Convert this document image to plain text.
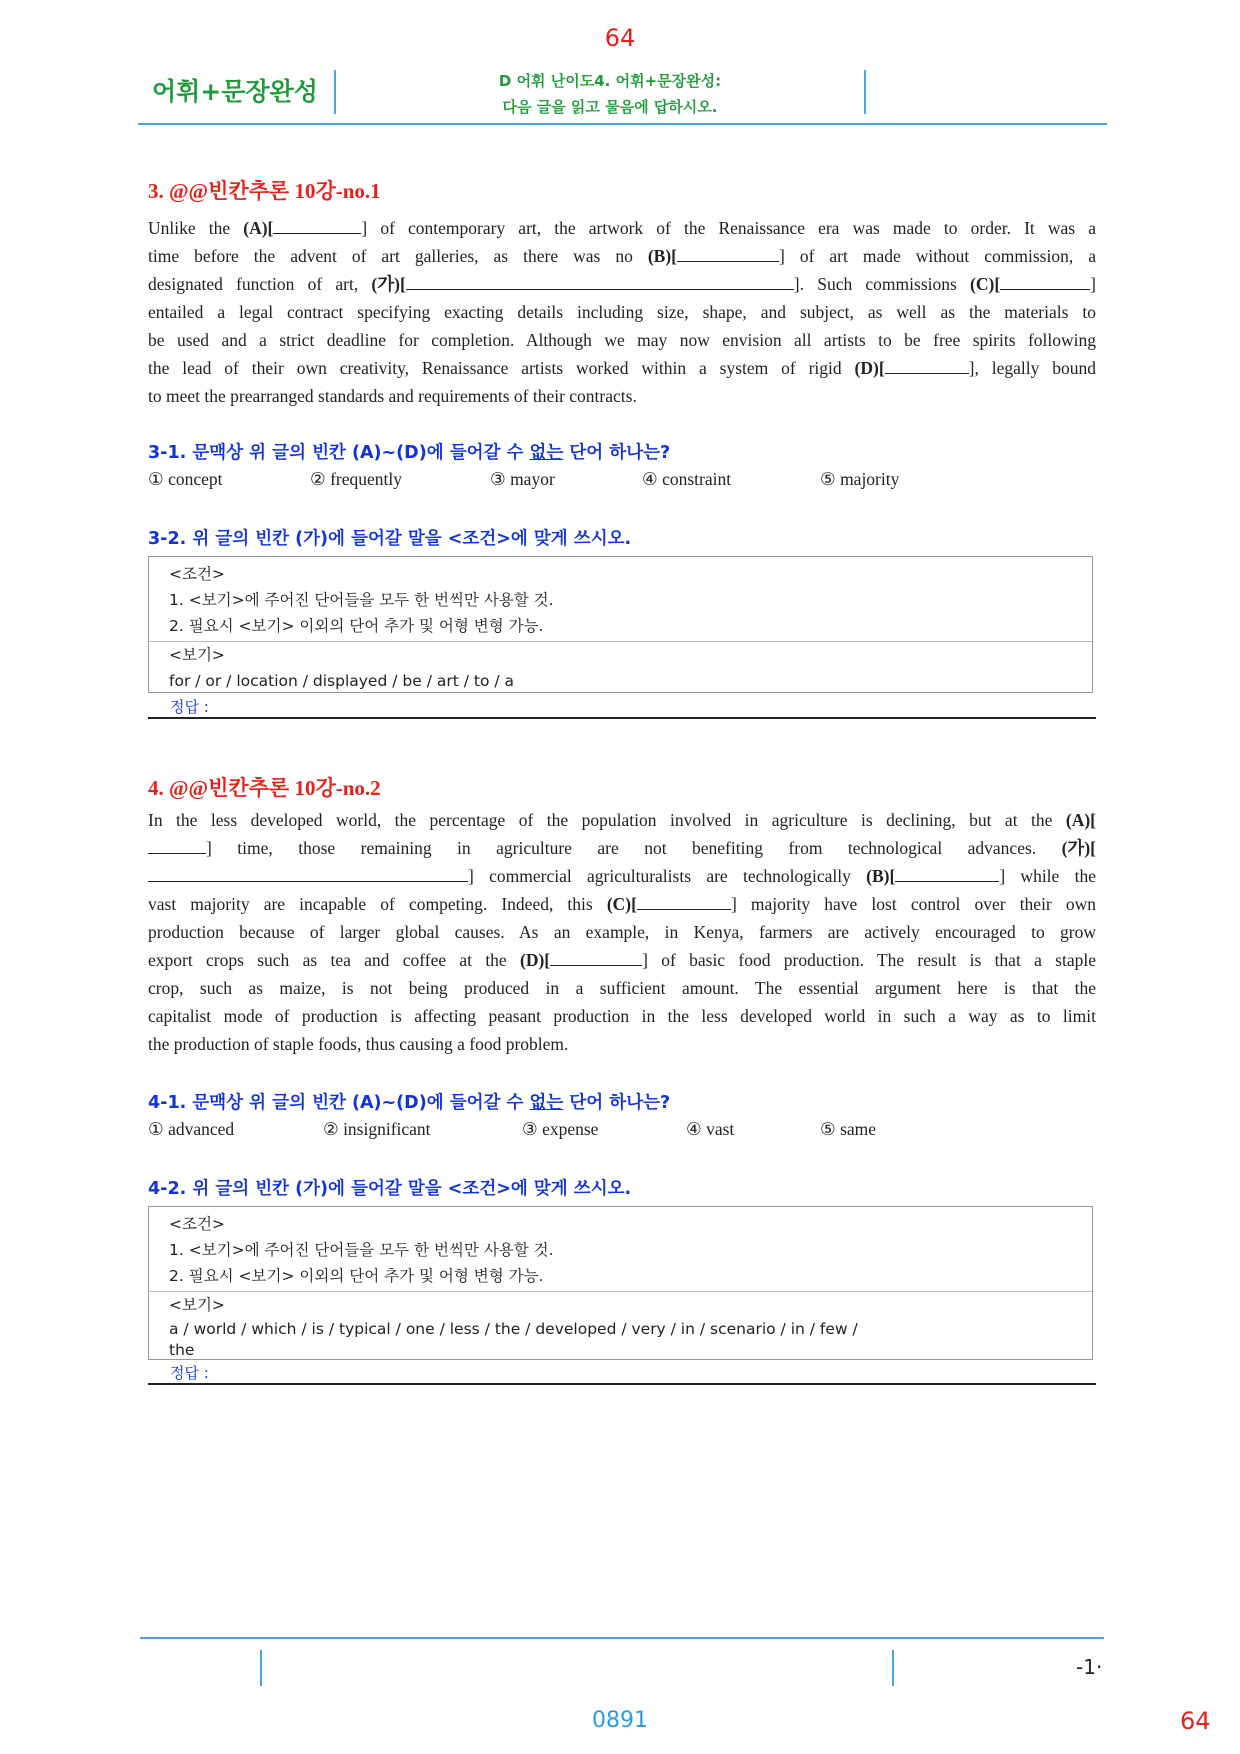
64
어휘+문장완성	D 어휘 난이도4. 어휘+문장완성:
다음 글을 읽고 물음에 답하시오.
3. @@빈칸추론 10강-no.1
Unlike the (A)[	] of contemporary art, the artwork of the Renaissance era was made to order. It was a
time before the advent of art galleries, as there was no (B)[	] of art made without commission, a
designated function of art, (가)[	]. Such commissions (C)[	]
entailed a legal contract specifying exacting details including size, shape, and subject, as well as the materials to
be used and a strict deadline for completion. Although we may now envision all artists to be free spirits following
the lead of their own creativity, Renaissance artists worked within a system of rigid (D)[	], legally bound
to meet the prearranged standards and requirements of their contracts.
3-1. 문맥상 위 글의 빈칸 (A)~(D)에 들어갈 수 없는 단어 하나는?
① concept	② frequently	③ mayor	④ constraint	⑤ majority
3-2. 위 글의 빈칸 (가)에 들어갈 말을 <조건>에 맞게 쓰시오.
<조건>
1. <보기>에 주어진 단어들을 모두 한 번씩만 사용할 것.
2. 필요시 <보기> 이외의 단어 추가 및 어형 변형 가능.
<보기>
for / or / location / displayed / be / art / to / a
정답 :
4. @@빈칸추론 10강-no.2
In the less developed world, the percentage of the population involved in agriculture is declining, but at the (A)[
] time, those remaining in agriculture are not benefiting from technological advances. (가)[
] commercial agriculturalists are technologically (B)[	] while the
vast majority are incapable of competing. Indeed, this (C)[	] majority have lost control over their own
production because of larger global causes. As an example, in Kenya, farmers are actively encouraged to grow
export crops such as tea and coffee at the (D)[	] of basic food production. The result is that a staple
crop, such as maize, is not being produced in a sufficient amount. The essential argument here is that the
capitalist mode of production is affecting peasant production in the less developed world in such a way as to limit
the production of staple foods, thus causing a food problem.
4-1. 문맥상 위 글의 빈칸 (A)~(D)에 들어갈 수 없는 단어 하나는?
① advanced	② insignificant	③ expense	④ vast	⑤ same
4-2. 위 글의 빈칸 (가)에 들어갈 말을 <조건>에 맞게 쓰시오.
<조건>
1. <보기>에 주어진 단어들을 모두 한 번씩만 사용할 것.
2. 필요시 <보기> 이외의 단어 추가 및 어형 변형 가능.
<보기>
a / world / which / is / typical / one / less / the / developed / very / in / scenario / in / few /
the
정답 :
-1·
0891	64
